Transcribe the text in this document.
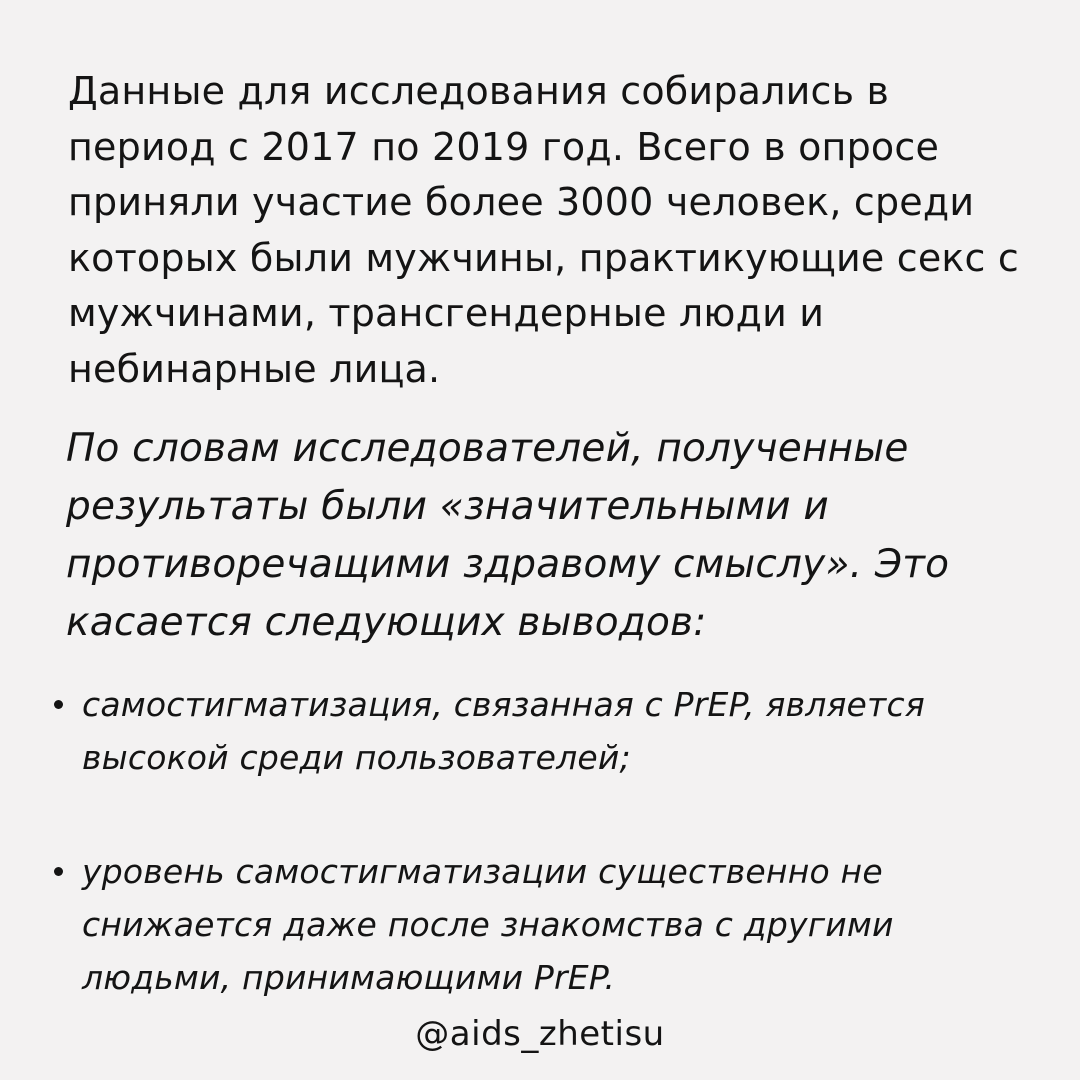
Данные для исследования собирались в период с 2017 по 2019 год. Всего в опросе приняли участие более 3000 человек, среди которых были мужчины, практикующие секс с мужчинами, трансгендерные люди и небинарные лица.

По словам исследователей, полученные результаты были «значительными и противоречащими здравому смыслу». Это касается следующих выводов:

самостигматизация, связанная с PrEP, является высокой среди пользователей;
уровень самостигматизации существенно не снижается даже после знакомства с другими людьми, принимающими PrEP.
@aids_zhetisu
